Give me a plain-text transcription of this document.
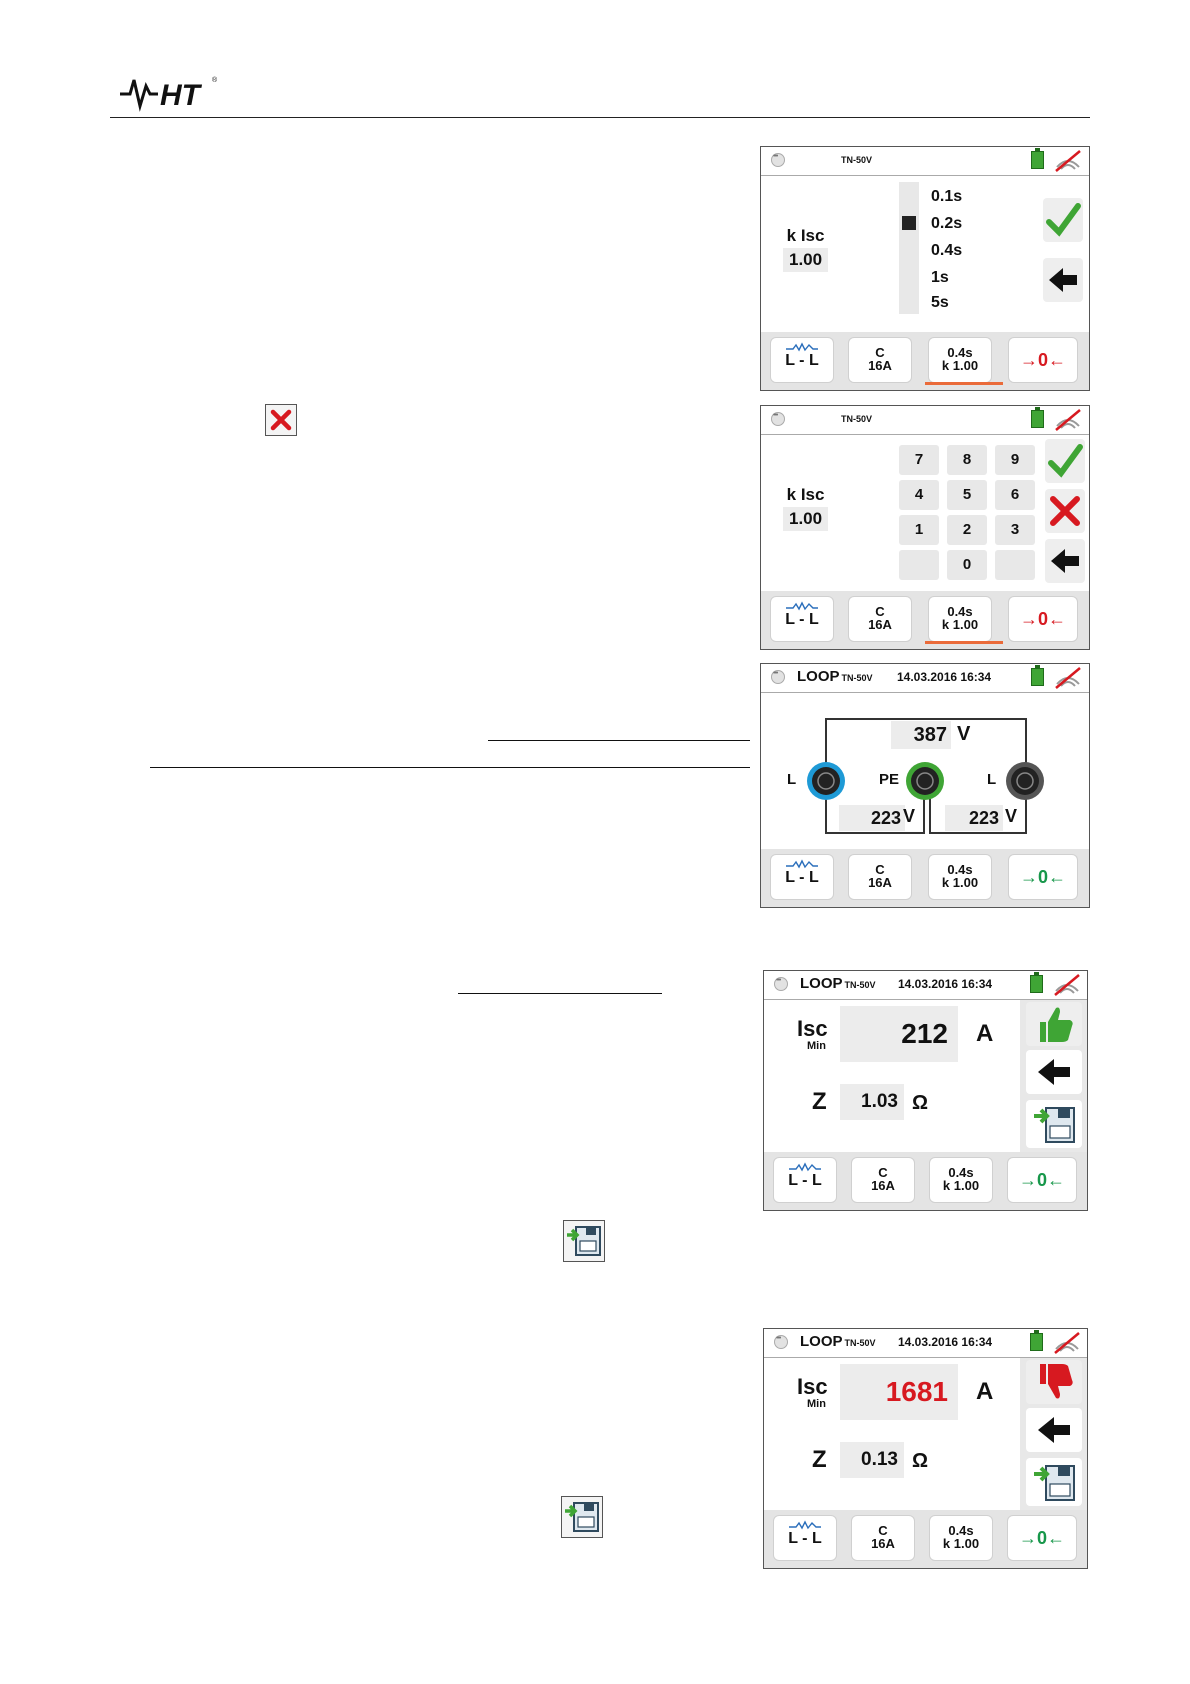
HT	®
•••
TN-50V
k Isc
1.00
0.1s
0.2s
0.4s
1s
5s
L - L	C
16A
0.4s
k 1.00	→0←
•••
TN-50V
k Isc
1.00
7	8	9
4	5	6
1	2	3
0
L - L	C
16A
0.4s
k 1.00	→0←
•••
LOOP TN-50V 14.03.2016 16:34
L	PE	L
387 V
223 V	223 V
L - L	C
16A
0.4s
k 1.00	→0←
•••
LOOP TN-50V 14.03.2016 16:34
Isc
Min	212	A
Z	1.03 Ω
L - L	C
16A
0.4s
k 1.00	→0←
•••
LOOP TN-50V 14.03.2016 16:34
Isc
Min	1681	A
Z	0.13 Ω
L - L	C
16A
0.4s
k 1.00	→0←
